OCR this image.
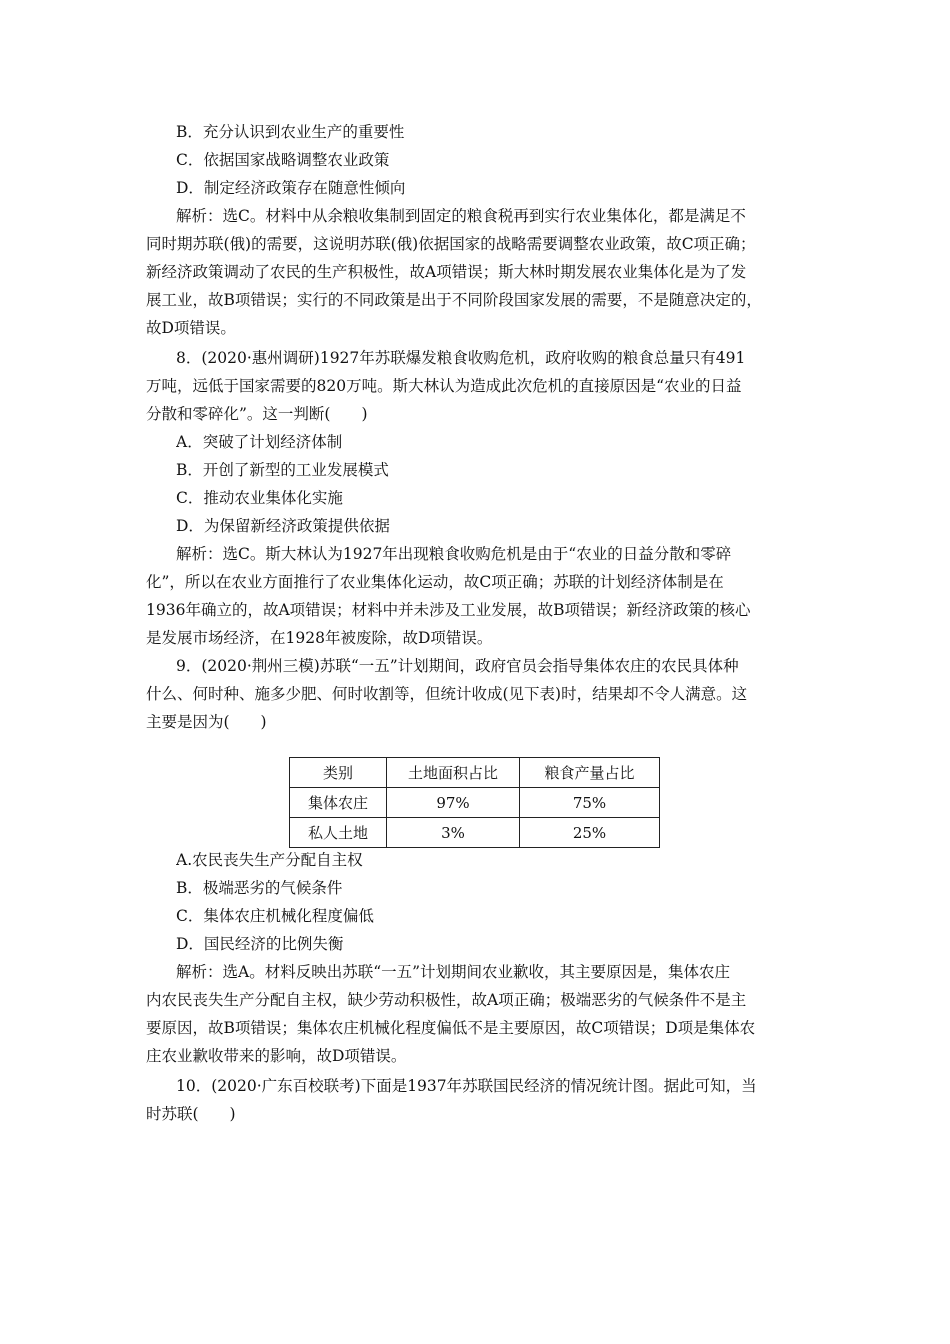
B．充分认识到农业生产的重要性
C．依据国家战略调整农业政策
D．制定经济政策存在随意性倾向
解析：选C。材料中从余粮收集制到固定的粮食税再到实行农业集体化，都是满足不
同时期苏联(俄)的需要，这说明苏联(俄)依据国家的战略需要调整农业政策，故C项正确；
新经济政策调动了农民的生产积极性，故A项错误；斯大林时期发展农业集体化是为了发
展工业，故B项错误；实行的不同政策是出于不同阶段国家发展的需要，不是随意决定的，
故D项错误。
8．(2020·惠州调研)1927年苏联爆发粮食收购危机，政府收购的粮食总量只有491
万吨，远低于国家需要的820万吨。斯大林认为造成此次危机的直接原因是“农业的日益
分散和零碎化”。这一判断(　　)
A．突破了计划经济体制
B．开创了新型的工业发展模式
C．推动农业集体化实施
D．为保留新经济政策提供依据
解析：选C。斯大林认为1927年出现粮食收购危机是由于“农业的日益分散和零碎
化”，所以在农业方面推行了农业集体化运动，故C项正确；苏联的计划经济体制是在
1936年确立的，故A项错误；材料中并未涉及工业发展，故B项错误；新经济政策的核心
是发展市场经济，在1928年被废除，故D项错误。
9．(2020·荆州三模)苏联“一五”计划期间，政府官员会指导集体农庄的农民具体种
什么、何时种、施多少肥、何时收割等，但统计收成(见下表)时，结果却不令人满意。这
主要是因为(　　)
类别	土地面积占比	粮食产量占比
集体农庄	97%	75%
私人土地	3%	25%
A.农民丧失生产分配自主权
B．极端恶劣的气候条件
C．集体农庄机械化程度偏低
D．国民经济的比例失衡
解析：选A。材料反映出苏联“一五”计划期间农业歉收，其主要原因是，集体农庄
内农民丧失生产分配自主权，缺少劳动积极性，故A项正确；极端恶劣的气候条件不是主
要原因，故B项错误；集体农庄机械化程度偏低不是主要原因，故C项错误；D项是集体农
庄农业歉收带来的影响，故D项错误。
10．(2020·广东百校联考)下面是1937年苏联国民经济的情况统计图。据此可知，当
时苏联(　　)
